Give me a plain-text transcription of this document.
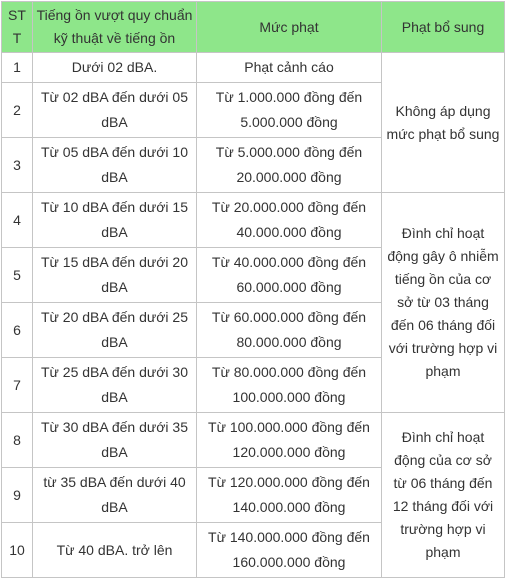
STT	Tiếng ồn vượt quy chuẩn kỹ thuật về tiếng ồn	Mức phạt	Phạt bổ sung
1	Dưới 02 dBA.	Phạt cảnh cáo	Không áp dụng mức phạt bổ sung
2	Từ 02 dBA đến dưới 05 dBA	Từ 1.000.000 đồng đến 5.000.000 đồng	
3	Từ 05 dBA đến dưới 10 dBA	Từ 5.000.000 đồng đến 20.000.000 đồng	
4	Từ 10 dBA đến dưới 15 dBA	Từ 20.000.000 đồng đến 40.000.000 đồng	Đình chỉ hoạt động gây ô nhiễm tiếng ồn của cơ sở từ 03 tháng đến 06 tháng đối với trường hợp vi phạm
5	Từ 15 dBA đến dưới 20 dBA	Từ 40.000.000 đồng đến 60.000.000 đồng	
6	Từ 20 dBA đến dưới 25 dBA	Từ 60.000.000 đồng đến 80.000.000 đồng	
7	Từ 25 dBA đến dưới 30 dBA	Từ 80.000.000 đồng đến 100.000.000 đồng	
8	Từ 30 dBA đến dưới 35 dBA	Từ 100.000.000 đồng đến 120.000.000 đồng	Đình chỉ hoạt động của cơ sở từ 06 tháng đến 12 tháng đối với trường hợp vi phạm
9	từ 35 dBA đến dưới 40 dBA	Từ 120.000.000 đồng đến 140.000.000 đồng	
10	Từ 40 dBA. trở lên	Từ 140.000.000 đồng đến 160.000.000 đồng	
